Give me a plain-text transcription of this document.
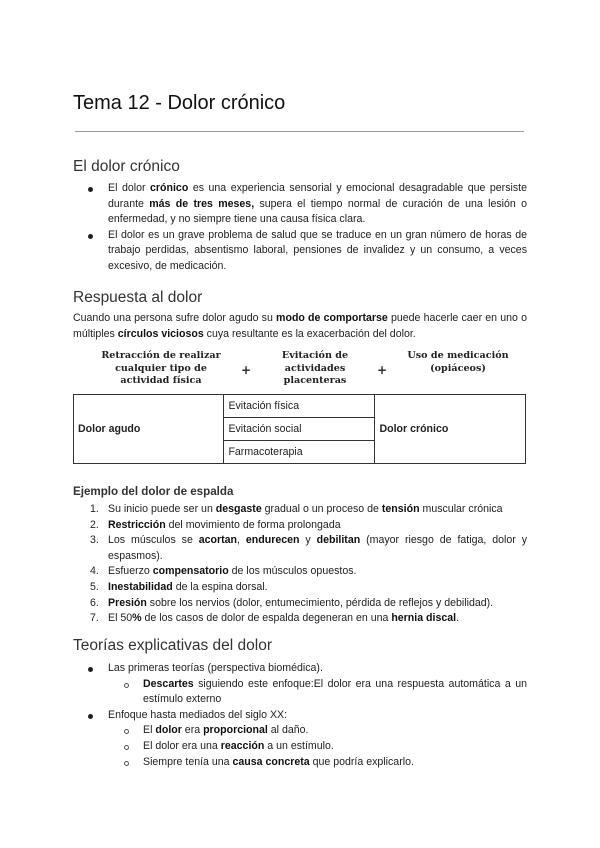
Tema 12 - Dolor crónico
El dolor crónico
El dolor crónico es una experiencia sensorial y emocional desagradable que persiste durante más de tres meses, supera el tiempo normal de curación de una lesión o enfermedad, y no siempre tiene una causa física clara.
El dolor es un grave problema de salud que se traduce en un gran número de horas de trabajo perdidas, absentismo laboral, pensiones de invalidez y un consumo, a veces excesivo, de medicación.
Respuesta al dolor

Cuando una persona sufre dolor agudo su modo de comportarse puede hacerle caer en uno o múltiples círculos viciosos cuya resultante es la exacerbación del dolor.

Retracción de realizar cualquier tipo de actividad física
+
Evitación de actividades placenteras
+
Uso de medicación (opiáceos)
Dolor agudo	Evitación física	Dolor crónico
Evitación social
Farmacoterapia
Ejemplo del dolor de espalda
1. Su inicio puede ser un desgaste gradual o un proceso de tensión muscular crónica
2. Restricción del movimiento de forma prolongada
3. Los músculos se acortan, endurecen y debilitan (mayor riesgo de fatiga, dolor y espasmos).
4. Esfuerzo compensatorio de los músculos opuestos.
5. Inestabilidad de la espina dorsal.
6. Presión sobre los nervios (dolor, entumecimiento, pérdida de reflejos y debilidad).
7. El 50% de los casos de dolor de espalda degeneran en una hernia discal.
Teorías explicativas del dolor
Las primeras teorías (perspectiva biomédica).
Descartes siguiendo este enfoque:El dolor era una respuesta automática a un estímulo externo
Enfoque hasta mediados del siglo XX:
El dolor era proporcional al daño.
El dolor era una reacción a un estímulo.
Siempre tenía una causa concreta que podría explicarlo.
